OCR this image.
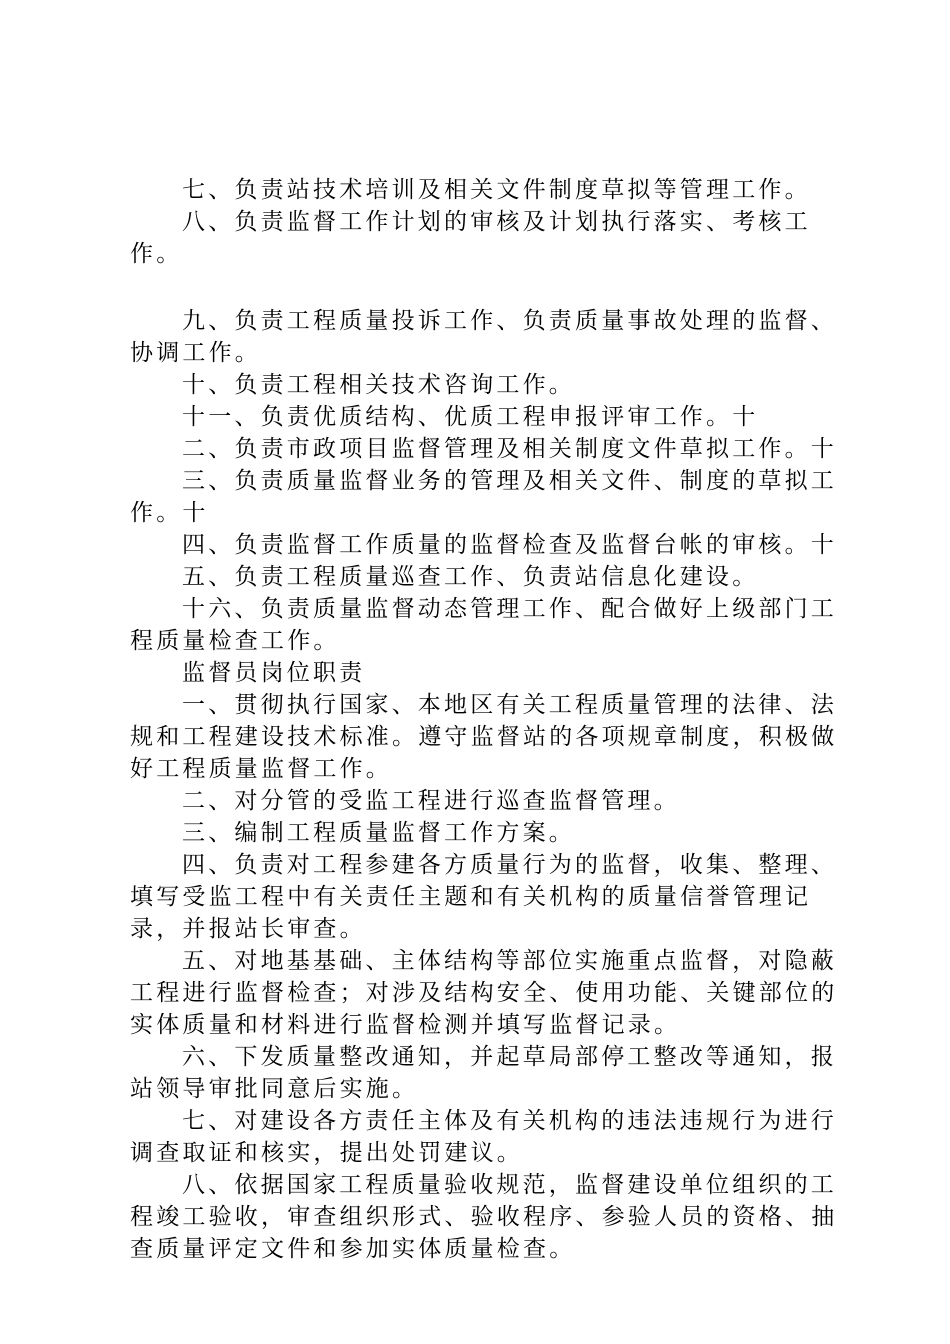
七、负责站技术培训及相关文件制度草拟等管理工作。

八、负责监督工作计划的审核及计划执行落实、考核工作。

九、负责工程质量投诉工作、负责质量事故处理的监督、协调工作。

十、负责工程相关技术咨询工作。

十一、负责优质结构、优质工程申报评审工作。十

二、负责市政项目监督管理及相关制度文件草拟工作。十

三、负责质量监督业务的管理及相关文件、制度的草拟工作。十

四、负责监督工作质量的监督检查及监督台帐的审核。十

五、负责工程质量巡查工作、负责站信息化建设。

十六、负责质量监督动态管理工作、配合做好上级部门工程质量检查工作。

监督员岗位职责

一、贯彻执行国家、本地区有关工程质量管理的法律、法规和工程建设技术标准。遵守监督站的各项规章制度，积极做好工程质量监督工作。

二、对分管的受监工程进行巡查监督管理。

三、编制工程质量监督工作方案。

四、负责对工程参建各方质量行为的监督，收集、整理、填写受监工程中有关责任主题和有关机构的质量信誉管理记录，并报站长审查。

五、对地基基础、主体结构等部位实施重点监督，对隐蔽工程进行监督检查；对涉及结构安全、使用功能、关键部位的实体质量和材料进行监督检测并填写监督记录。

六、下发质量整改通知，并起草局部停工整改等通知，报站领导审批同意后实施。

七、对建设各方责任主体及有关机构的违法违规行为进行调查取证和核实，提出处罚建议。

八、依据国家工程质量验收规范，监督建设单位组织的工程竣工验收，审查组织形式、验收程序、参验人员的资格、抽查质量评定文件和参加实体质量检查。
